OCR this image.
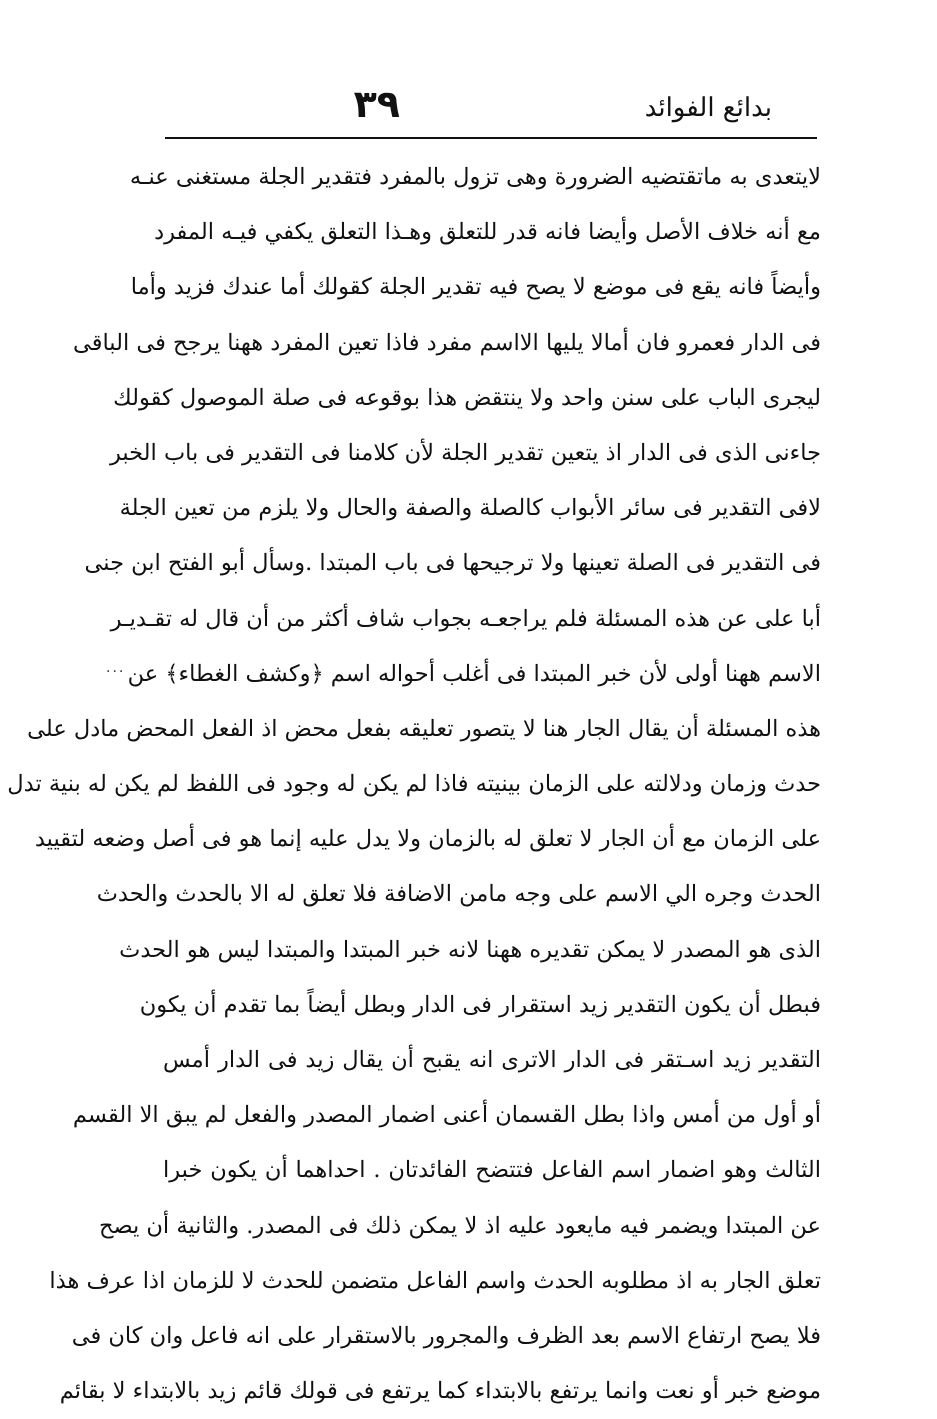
٣٩	بدائع الفوائد
...
لايتعدى به ماتقتضيه الضرورة وهى تزول بالمفرد فتقدير الجلة مستغنى عنـه
مع أنه خلاف الأصل وأيضا فانه قدر للتعلق وهـذا التعلق يكفي فيـه المفرد
وأيضاً فانه يقع فى موضع لا يصح فيه تقدير الجلة كقولك أما عندك فزيد وأما
فى الدار فعمرو فان أمالا يليها الااسم مفرد فاذا تعين المفرد ههنا يرجح فى الباقى
ليجرى الباب على سنن واحد ولا ينتقض هذا بوقوعه فى صلة الموصول كقولك
جاءنى الذى فى الدار اذ يتعين تقدير الجلة لأن كلامنا فى التقدير فى باب الخبر
لافى التقدير فى سائر الأبواب كالصلة والصفة والحال ولا يلزم من تعين الجلة
فى التقدير فى الصلة تعينها ولا ترجيحها فى باب المبتدا .وسأل أبو الفتح ابن جنى
أبا على عن هذه المسئلة فلم يراجعـه بجواب شاف أكثر من أن قال له تقـديـر
الاسم ههنا أولى لأن خبر المبتدا فى أغلب أحواله اسم ﴿وكشف الغطاء﴾ عن
هذه المسئلة أن يقال الجار هنا لا يتصور تعليقه بفعل محض اذ الفعل المحض مادل على
حدث وزمان ودلالته على الزمان بينيته فاذا لم يكن له وجود فى اللفظ لم يكن له بنية تدل
على الزمان مع أن الجار لا تعلق له بالزمان ولا يدل عليه إنما هو فى أصل وضعه لتقييد
الحدث وجره الي الاسم على وجه مامن الاضافة فلا تعلق له الا بالحدث والحدث
الذى هو المصدر لا يمكن تقديره ههنا لانه خبر المبتدا والمبتدا ليس هو الحدث
فبطل أن يكون التقدير زيد استقرار فى الدار وبطل أيضاً بما تقدم أن يكون
التقدير زيد اسـتقر فى الدار الاترى انه يقبح أن يقال زيد فى الدار أمس
أو أول من أمس واذا بطل القسمان أعنى اضمار المصدر والفعل لم يبق الا القسم
الثالث وهو اضمار اسم الفاعل فتتضح الفائدتان . احداهما أن يكون خبرا
عن المبتدا ويضمر فيه مايعود عليه اذ لا يمكن ذلك فى المصدر. والثانية أن يصح
تعلق الجار به اذ مطلوبه الحدث واسم الفاعل متضمن للحدث لا للزمان اذا عرف هذا
فلا يصح ارتفاع الاسم بعد الظرف والمجرور بالاستقرار على انه فاعل وان كان فى
موضع خبر أو نعت وانما يرتفع بالابتداء كما يرتفع فى قولك قائم زيد بالابتداء لا بقائم
